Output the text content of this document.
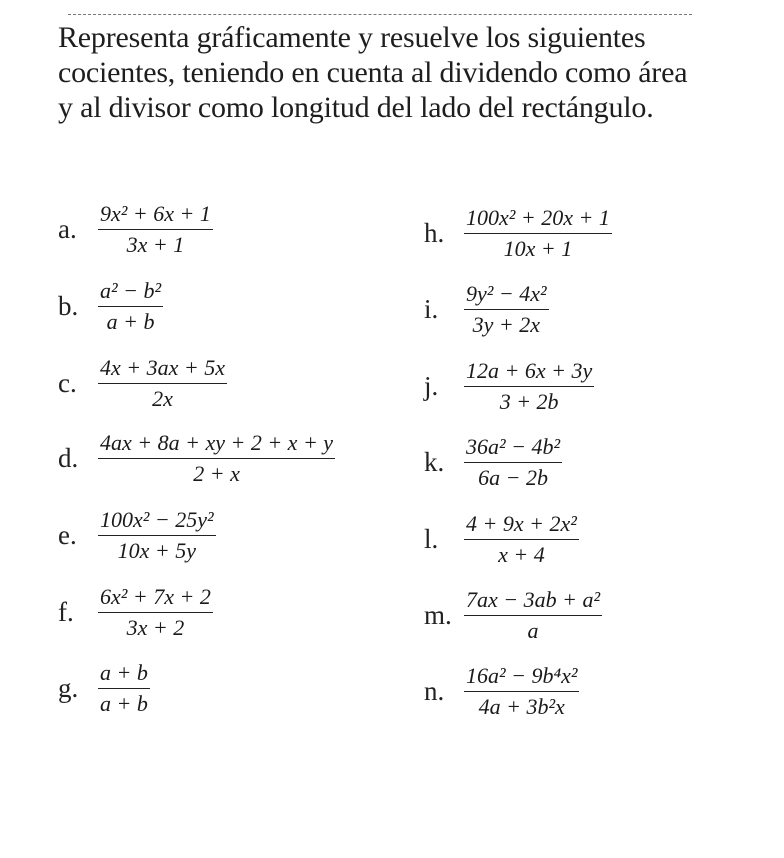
Representa gráficamente y resuelve los siguientes cocientes, teniendo en cuenta al dividendo como área y al divisor como longitud del lado del rectángulo.

a. $\frac{\text{9x² + 6x + 1}}{3x + 1}$
b. $\frac{\text{a² − b²}}{a + b}$
c. $\frac{4x + 3ax + 5x}{2x}$
d. $\frac{4ax + 8a + xy + 2 + x + y}{2 + x}$
e. $\frac{\text{100x² − 25y²}}{10x + 5y}$
f.	$\frac{\text{6x² + 7x + 2}}{3x + 2}$
g. $\frac{a + b}{a + b}$
h. $\frac{\text{100x² + 20x + 1}}{10x + 1}$
i.	$\frac{\text{9y² − 4x²}}{3y + 2x}$
j.	$\frac{12a + 6x + 3y}{3 + 2b}$
k. $\frac{\text{36a² − 4b²}}{6a - 2b}$
l.	$\frac{\text{4 + 9x + 2x²}}{x + 4}$
m. $\frac{\text{7ax − 3ab + a²}}{a}$
n. $\frac{\text{16a² − 9b⁴x²}}{\text{4a + 3b²x}}$
